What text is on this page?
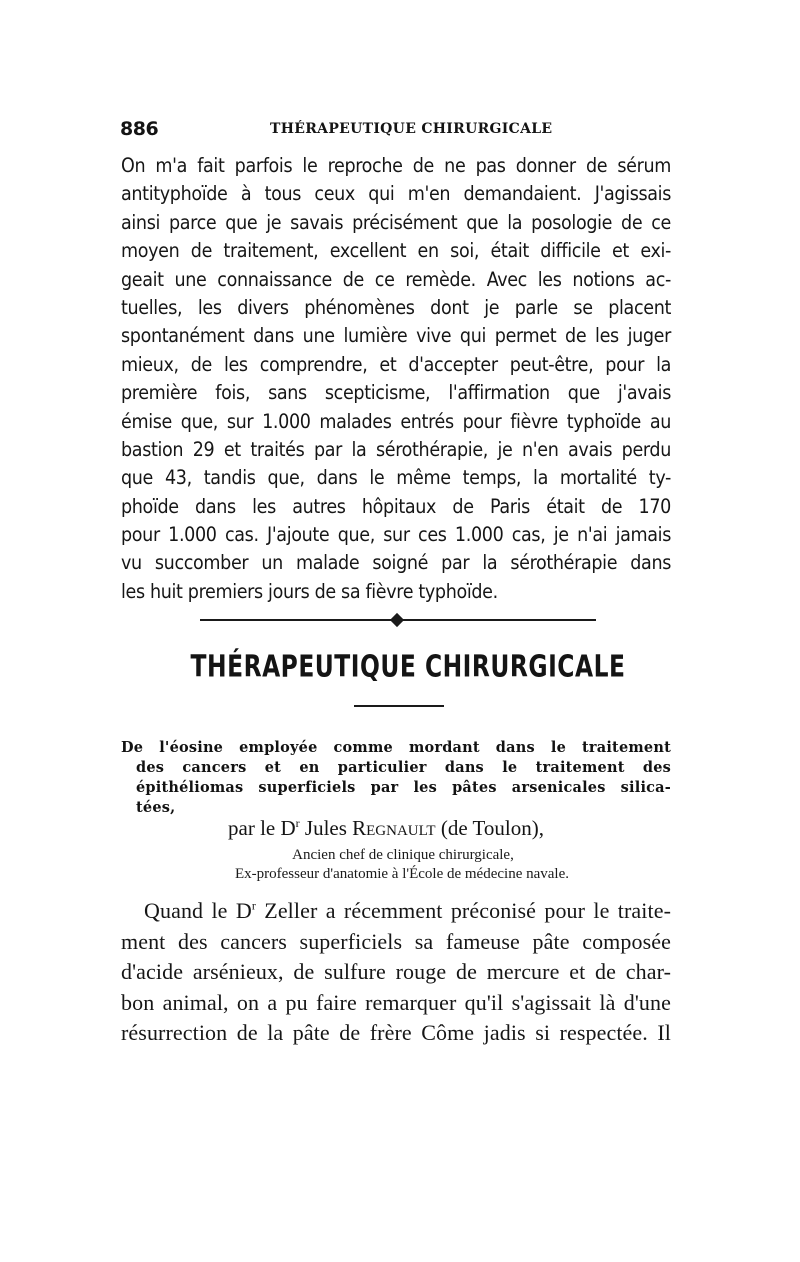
886	THÉRAPEUTIQUE CHIRURGICALE
On m'a fait parfois le reproche de ne pas donner de sérum
antityphoïde à tous ceux qui m'en demandaient. J'agissais
ainsi parce que je savais précisément que la posologie de ce
moyen de traitement, excellent en soi, était difficile et exi-
geait une connaissance de ce remède. Avec les notions ac-
tuelles, les divers phénomènes dont je parle se placent
spontanément dans une lumière vive qui permet de les juger
mieux, de les comprendre, et d'accepter peut-être, pour la
première fois, sans scepticisme, l'affirmation que j'avais
émise que, sur 1.000 malades entrés pour fièvre typhoïde au
bastion 29 et traités par la sérothérapie, je n'en avais perdu
que 43, tandis que, dans le même temps, la mortalité ty-
phoïde dans les autres hôpitaux de Paris était de 170
pour 1.000 cas. J'ajoute que, sur ces 1.000 cas, je n'ai jamais
vu succomber un malade soigné par la sérothérapie dans
les huit premiers jours de sa fièvre typhoïde.
THÉRAPEUTIQUE CHIRURGICALE
De l'éosine employée comme mordant dans le traitement
des cancers et en particulier dans le traitement des
épithéliomas superficiels par les pâtes arsenicales silica-
tées,
par le $D^r$ Jules Regnault (de Toulon),
Ancien chef de clinique chirurgicale,
Ex-professeur d'anatomie à l'École de médecine navale.
Quand le $D^r$ Zeller a récemment préconisé pour le traite-
ment des cancers superficiels sa fameuse pâte composée
d'acide arsénieux, de sulfure rouge de mercure et de char-
bon animal, on a pu faire remarquer qu'il s'agissait là d'une
résurrection de la pâte de frère Côme jadis si respectée. Il
